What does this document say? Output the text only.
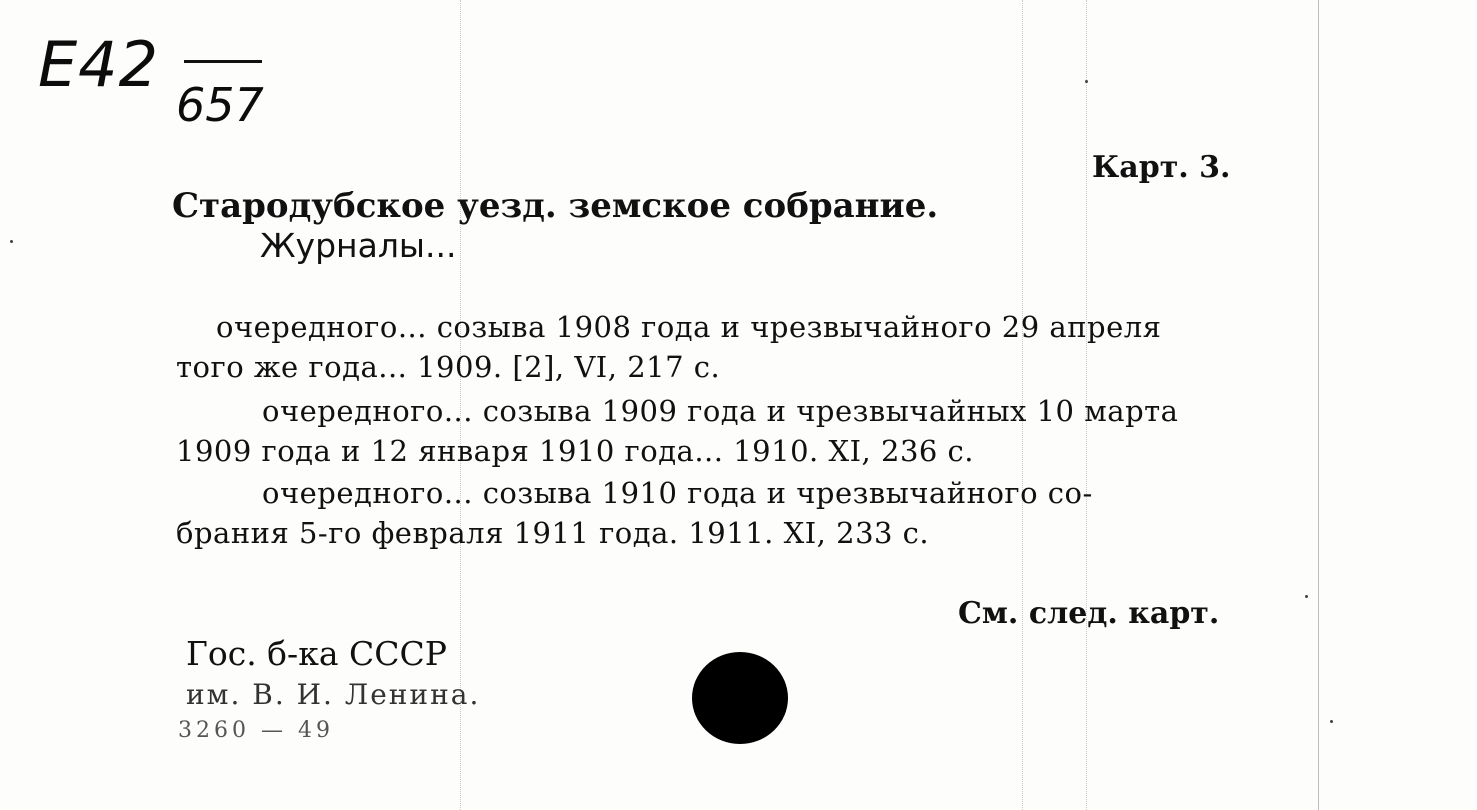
Е42
657
Карт. 3.
Стародубское уезд. земское собрание.
Журналы...
очередного... созыва 1908 года и чрезвычайного 29 апреля
того же года... 1909. [2], VI, 217 с.
очередного... созыва 1909 года и чрезвычайных 10 марта
1909 года и 12 января 1910 года... 1910. XI, 236 с.
очередного... созыва 1910 года и чрезвычайного со-
брания 5-го февраля 1911 года. 1911. XI, 233 с.
См. след. карт.
Гос. б-ка СССР
им. В. И. Ленина.
3260 — 49
